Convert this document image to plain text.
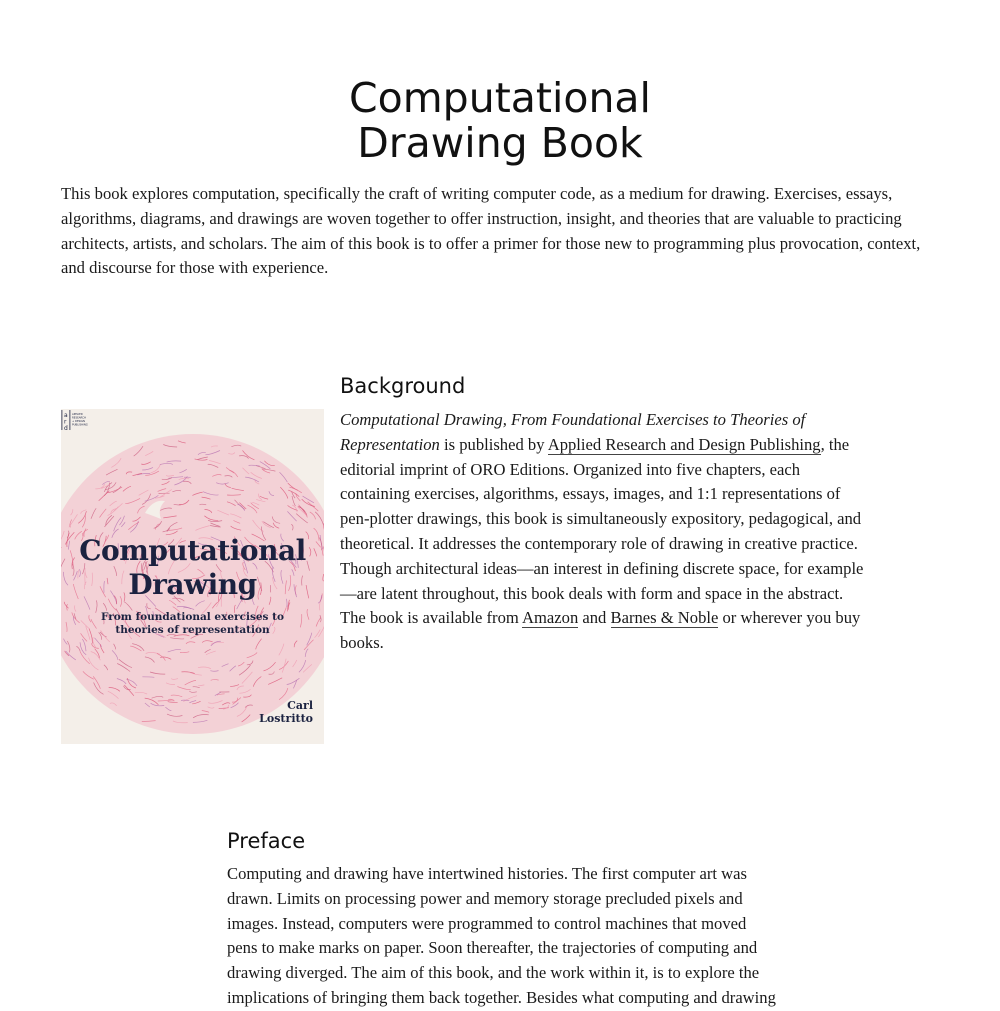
Computational
Drawing Book

This book explores computation, specifically the craft of writing computer code, as a medium for drawing. Exercises, essays, algorithms, diagrams, and drawings are woven together to offer instruction, insight, and theories that are valuable to practicing architects, artists, and scholars. The aim of this book is to offer a primer for those new to programming plus provocation, context, and discourse for those with experience.

Background
Computational
Drawing
From foundational exercises to theories of representation
Carl
Lostritto
a
r
d
APPLIED
RESEARCH
+ DESIGN
PUBLISHING	Computational Drawing, From Foundational Exercises to Theories of Representation is published by Applied Research and Design Publishing, the editorial imprint of ORO Editions. Organized into five chapters, each containing exercises, algorithms, essays, images, and 1:1 representations of pen-plotter drawings, this book is simultaneously expository, pedagogical, and theoretical. It addresses the contemporary role of drawing in creative practice. Though architectural ideas—an interest in defining discrete space, for example—are latent throughout, this book deals with form and space in the abstract. The book is available from Amazon and Barnes & Noble or wherever you buy books.

Preface

Computing and drawing have intertwined histories. The first computer art was drawn. Limits on processing power and memory storage precluded pixels and images. Instead, computers were programmed to control machines that moved pens to make marks on paper. Soon thereafter, the trajectories of computing and drawing diverged. The aim of this book, and the work within it, is to explore the implications of bringing them back together. Besides what computing and drawing
